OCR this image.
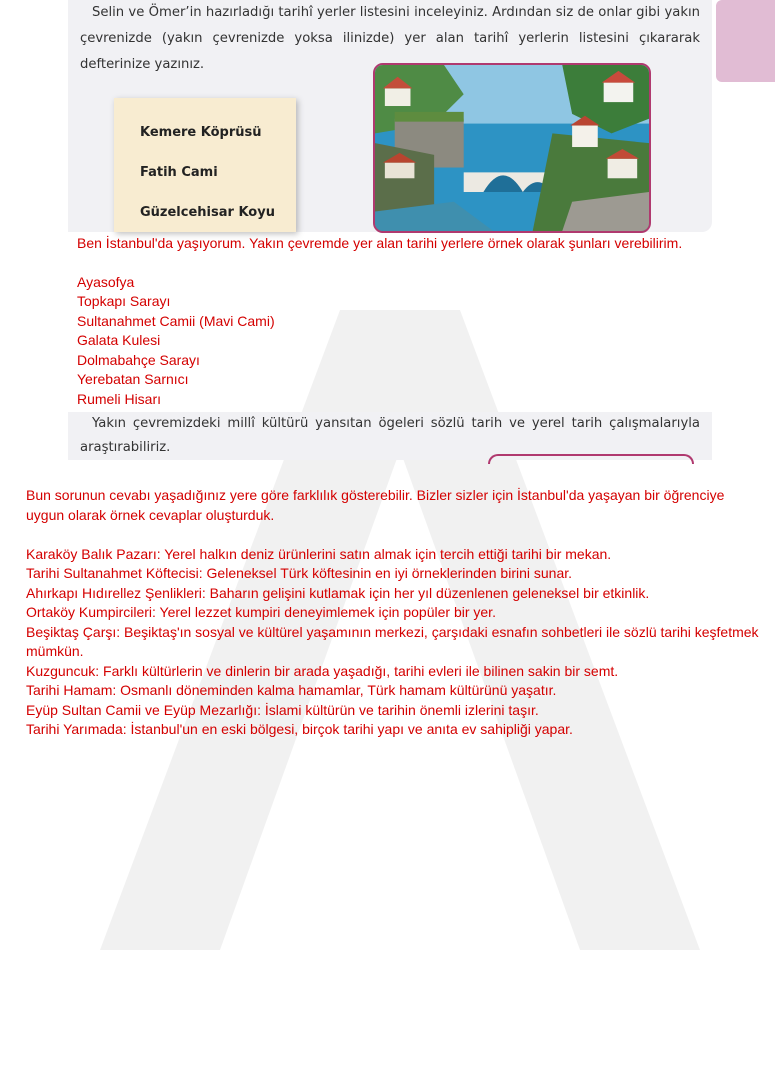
Selin ve Ömer’in hazırladığı tarihî yerler listesini inceleyiniz. Ardından siz de onlar gibi yakın çevrenizde (yakın çevrenizde yoksa ilinizde) yer alan tarihî yerlerin listesini çıkararak defterinize yazınız.

Kemere Köprüsü
Fatih Cami
Güzelcehisar Koyu

Ben İstanbul'da yaşıyorum. Yakın çevremde yer alan tarihi yerlere örnek olarak şunları verebilirim.

Ayasofya
Topkapı Sarayı
Sultanahmet Camii (Mavi Cami)
Galata Kulesi
Dolmabahçe Sarayı
Yerebatan Sarnıcı
Rumeli Hisarı

Yakın çevremizdeki millî kültürü yansıtan ögeleri sözlü tarih ve yerel tarih çalışmalarıyla araştırabiliriz.

Bun sorunun cevabı yaşadığınız yere göre farklılık gösterebilir. Bizler sizler için İstanbul'da yaşayan bir öğrenciye uygun olarak örnek cevaplar oluşturduk.

Karaköy Balık Pazarı: Yerel halkın deniz ürünlerini satın almak için tercih ettiği tarihi bir mekan.
Tarihi Sultanahmet Köftecisi: Geleneksel Türk köftesinin en iyi örneklerinden birini sunar.
Ahırkapı Hıdırellez Şenlikleri: Baharın gelişini kutlamak için her yıl düzenlenen geleneksel bir etkinlik.
Ortaköy Kumpircileri: Yerel lezzet kumpiri deneyimlemek için popüler bir yer.
Beşiktaş Çarşı: Beşiktaş'ın sosyal ve kültürel yaşamının merkezi, çarşıdaki esnafın sohbetleri ile sözlü tarihi keşfetmek mümkün.
Kuzguncuk: Farklı kültürlerin ve dinlerin bir arada yaşadığı, tarihi evleri ile bilinen sakin bir semt.
Tarihi Hamam: Osmanlı döneminden kalma hamamlar, Türk hamam kültürünü yaşatır.
Eyüp Sultan Camii ve Eyüp Mezarlığı: İslami kültürün ve tarihin önemli izlerini taşır.
Tarihi Yarımada: İstanbul'un en eski bölgesi, birçok tarihi yapı ve anıta ev sahipliği yapar.
